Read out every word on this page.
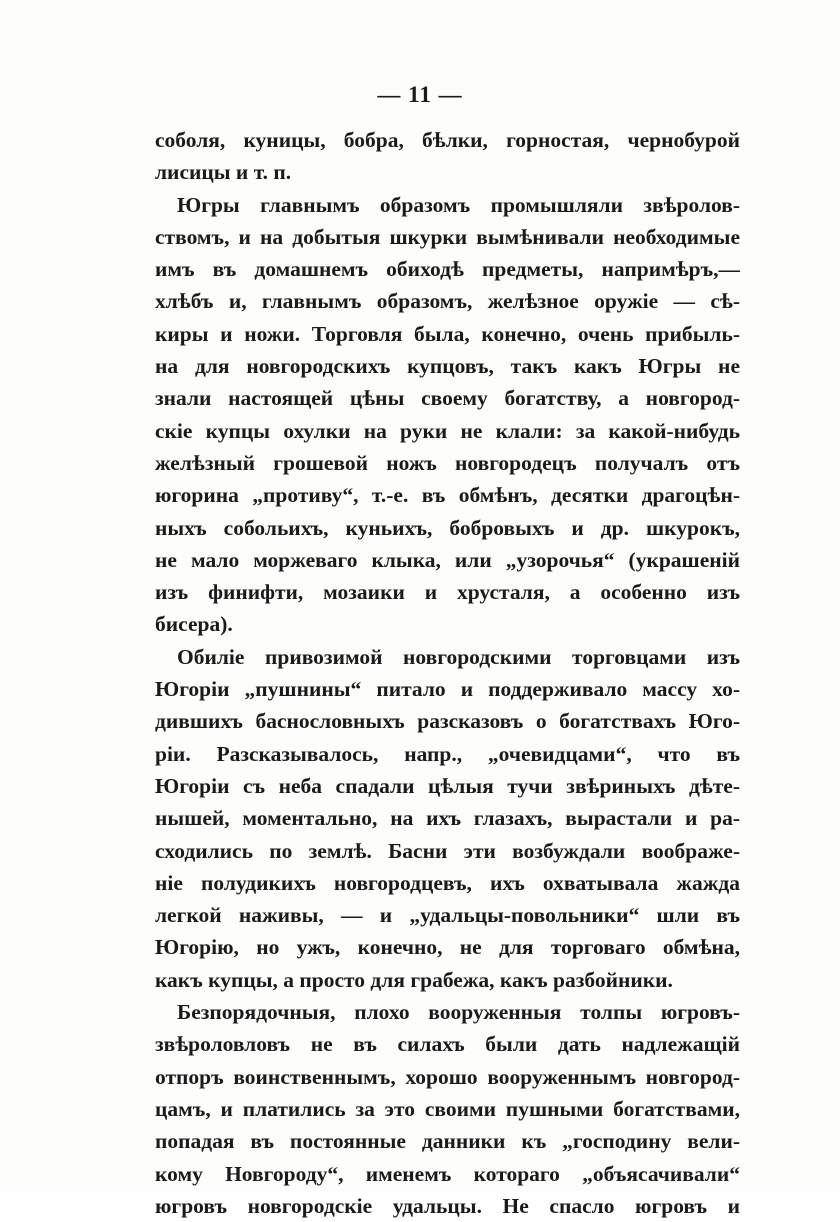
— 11 —
соболя, куницы, бобра, бѣлки, горностая, чернобурой
лисицы и т. п.
Югры главнымъ образомъ промышляли звѣролов-
ствомъ, и на добытыя шкурки вымѣнивали необходимые
имъ въ домашнемъ обиходѣ предметы, напримѣръ,—
хлѣбъ и, главнымъ образомъ, желѣзное оружіе — сѣ-
киры и ножи. Торговля была, конечно, очень прибыль-
на для новгородскихъ купцовъ, такъ какъ Югры не
знали настоящей цѣны своему богатству, а новгород-
скіе купцы охулки на руки не клали: за какой-нибудь
желѣзный грошевой ножъ новгородецъ получалъ отъ
югорина „противу“, т.-е. въ обмѣнъ, десятки драгоцѣн-
ныхъ собольихъ, куньихъ, бобровыхъ и др. шкурокъ,
не мало моржеваго клыка, или „узорочья“ (украшеній
изъ финифти, мозаики и хрусталя, а особенно изъ
бисера).
Обиліе привозимой новгородскими торговцами изъ
Югоріи „пушнины“ питало и поддерживало массу хо-
дившихъ баснословныхъ разсказовъ о богатствахъ Юго-
ріи. Разсказывалось, напр., „очевидцами“, что въ
Югоріи съ неба спадали цѣлыя тучи звѣриныхъ дѣте-
нышей, моментально, на ихъ глазахъ, вырастали и ра-
сходились по землѣ. Басни эти возбуждали воображе-
ніе полудикихъ новгородцевъ, ихъ охватывала жажда
легкой наживы, — и „удальцы-повольники“ шли въ
Югорію, но ужъ, конечно, не для торговаго обмѣна,
какъ купцы, а просто для грабежа, какъ разбойники.
Безпорядочныя, плохо вооруженныя толпы югровъ-
звѣроловловъ не въ силахъ были дать надлежащій
отпоръ воинственнымъ, хорошо вооруженнымъ новгород-
цамъ, и платились за это своими пушными богатствами,
попадая въ постоянные данники къ „господину вели-
кому Новгороду“, именемъ котораго „объясачивали“
югровъ новгородскіе удальцы. Не спасло югровъ и
